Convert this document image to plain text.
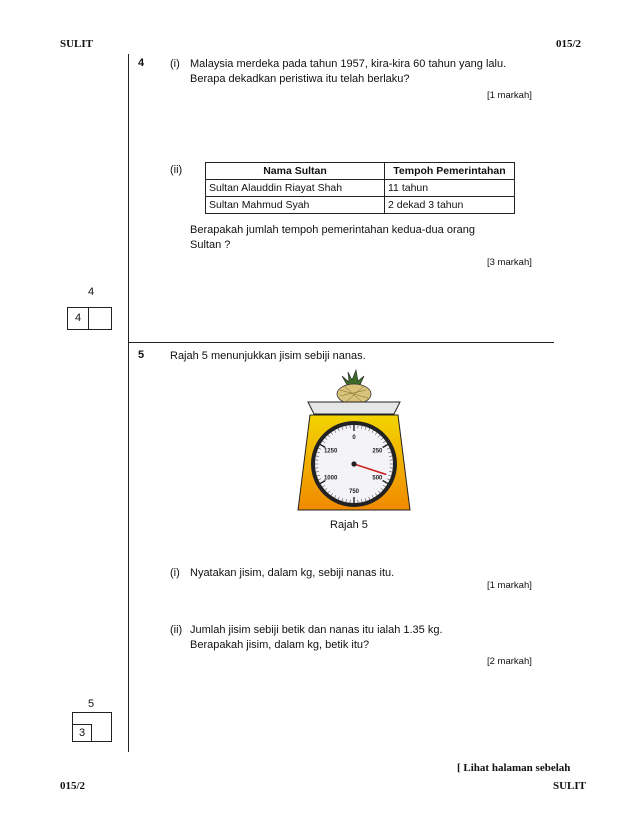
SULIT	015/2
4 (i) Malaysia merdeka pada tahun 1957, kira-kira 60 tahun yang lalu.
Berapa dekadkan peristiwa itu telah berlaku?
[1 markah]
(ii)	Nama Sultan	Tempoh Pemerintahan
Sultan Alauddin Riayat Shah	11 tahun
Sultan Mahmud Syah	2 dekad 3 tahun
Berapakah jumlah tempoh pemerintahan kedua-dua orang
Sultan ?
[3 markah]
4
4
5 Rajah 5 menunjukkan jisim sebiji nanas.
0
250
500
750
1000
1250
Rajah 5
(i) Nyatakan jisim, dalam kg, sebiji nanas itu.
[1 markah]
(ii) Jumlah jisim sebiji betik dan nanas itu ialah 1.35 kg.
Berapakah jisim, dalam kg, betik itu?
[2 markah]
5
3
[ Lihat halaman sebelah
015/2	SULIT
